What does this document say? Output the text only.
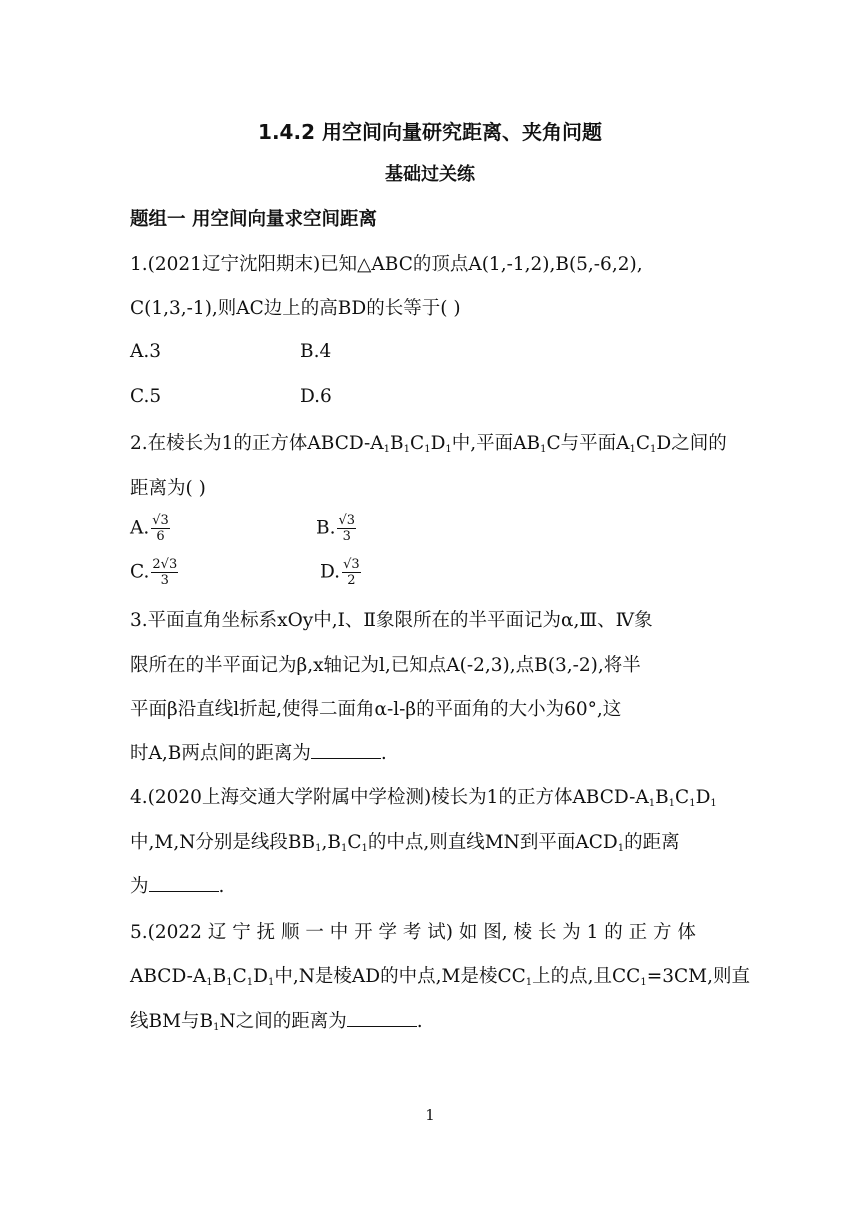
1.4.2 用空间向量研究距离、夹角问题
基础过关练
题组一 用空间向量求空间距离
1.(2021辽宁沈阳期末)已知△ABC的顶点A(1,-1,2),B(5,-6,2),
C(1,3,-1),则AC边上的高BD的长等于( )
A.3	B.4
C.5	D.6
2.在棱长为1的正方体ABCD-$A_1B_1C_1D_1$中,平面$AB_1C$与平面$A_1C_1D$之间的
距离为( )
A. $\frac{√3}{6}$	B. $\frac{√3}{3}$
C. $\frac{2√3}{3}$	D. $\frac{√3}{2}$
3.平面直角坐标系xOy中,Ⅰ、Ⅱ象限所在的半平面记为α,Ⅲ、Ⅳ象
限所在的半平面记为β,x轴记为l,已知点A(-2,3),点B(3,-2),将半
平面β沿直线l折起,使得二面角α-l-β的平面角的大小为60°,这
时A,B两点间的距离为	.
4.(2020上海交通大学附属中学检测)棱长为1的正方体ABCD-$A_1B_1C_1D_1$
中,M,N分别是线段$BB_1,B_1C_1$的中点,则直线MN到平面$ACD_1$的距离
为	.
5.(2022 辽 宁 抚 顺 一 中 开 学 考 试) 如 图, 棱 长 为 1 的 正 方 体
ABCD-$A_1B_1C_1D_1$中,N是棱AD的中点,M是棱$CC_1$上的点,且$CC_1=3CM$,则直
线BM与$B_1N$之间的距离为	.
1
